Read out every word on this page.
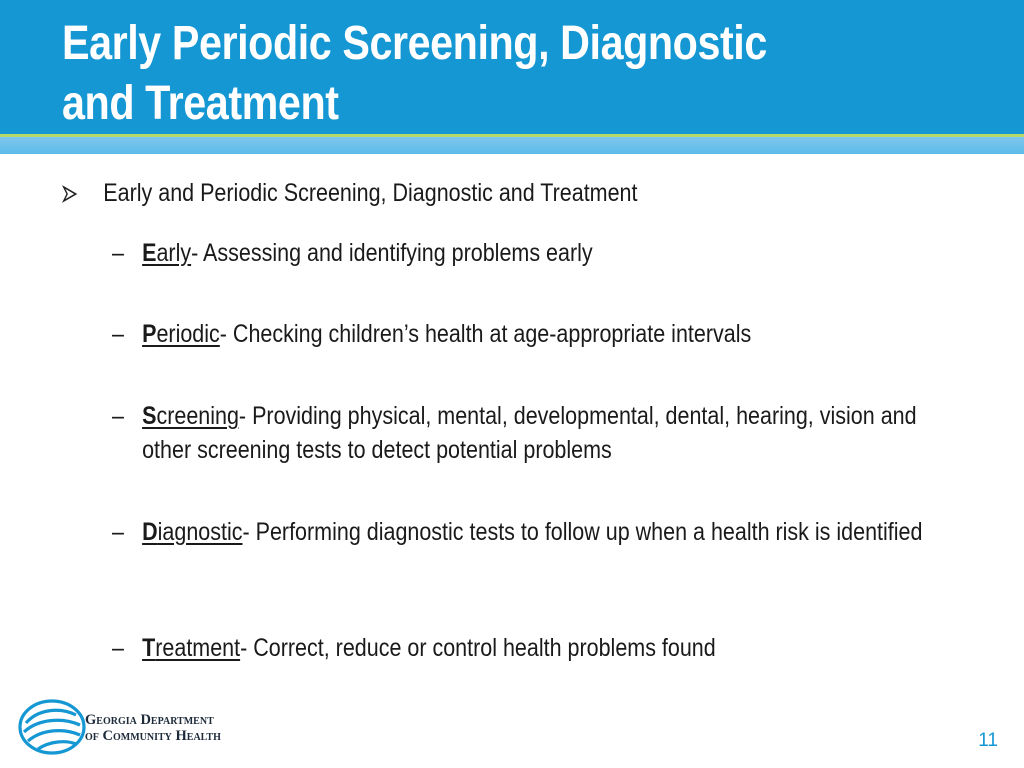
Early Periodic Screening, Diagnostic and Treatment
Early and Periodic Screening, Diagnostic and Treatment
– Early- Assessing and identifying problems early
– Periodic- Checking children’s health at age-appropriate intervals
– Screening- Providing physical, mental, developmental, dental, hearing, vision and other screening tests to detect potential problems
– Diagnostic- Performing diagnostic tests to follow up when a health risk is identified
– Treatment- Correct, reduce or control health problems found
Georgia Department
of Community Health	11
